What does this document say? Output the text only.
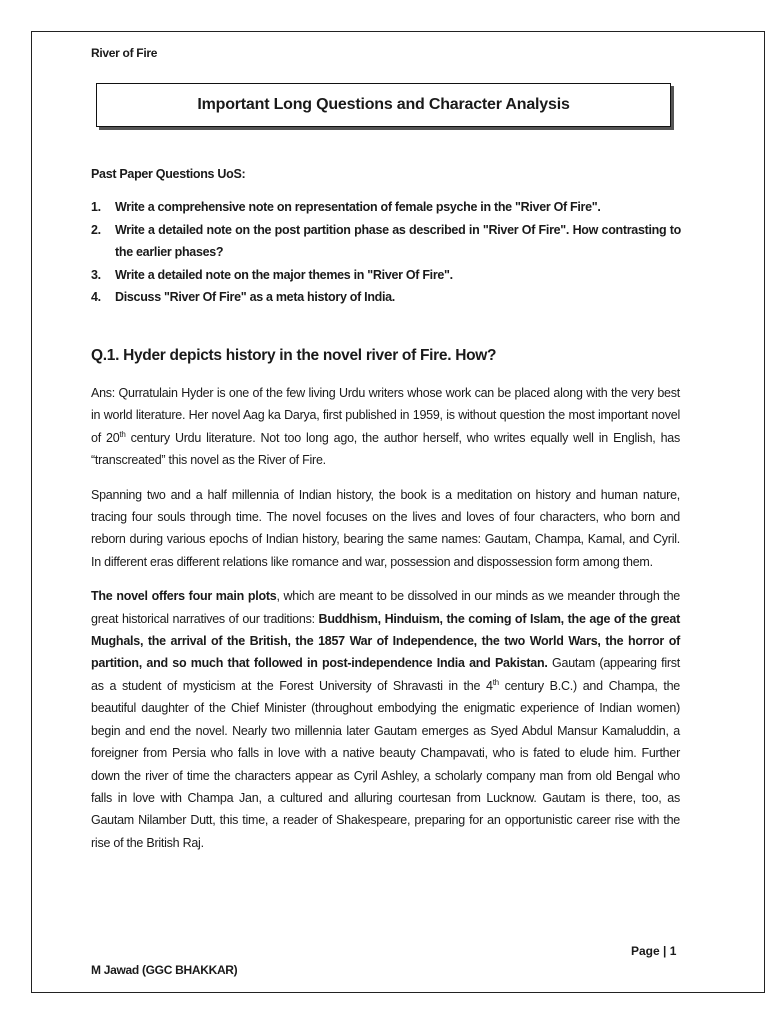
River of Fire
Important Long Questions and Character Analysis
Past Paper Questions UoS:
1. Write a comprehensive note on representation of female psyche in the "River Of Fire".
2. Write a detailed note on the post partition phase as described in "River Of Fire". How contrasting to the earlier phases?
3. Write a detailed note on the major themes in "River Of Fire".
4. Discuss "River Of Fire" as a meta history of India.
Q.1. Hyder depicts history in the novel river of Fire. How?

Ans: Qurratulain Hyder is one of the few living Urdu writers whose work can be placed along with the very best in world literature. Her novel Aag ka Darya, first published in 1959, is without question the most important novel of 20th century Urdu literature. Not too long ago, the author herself, who writes equally well in English, has “transcreated” this novel as the River of Fire.

Spanning two and a half millennia of Indian history, the book is a meditation on history and human nature, tracing four souls through time. The novel focuses on the lives and loves of four characters, who born and reborn during various epochs of Indian history, bearing the same names: Gautam, Champa, Kamal, and Cyril. In different eras different relations like romance and war, possession and dispossession form among them.

The novel offers four main plots, which are meant to be dissolved in our minds as we meander through the great historical narratives of our traditions: Buddhism, Hinduism, the coming of Islam, the age of the great Mughals, the arrival of the British, the 1857 War of Independence, the two World Wars, the horror of partition, and so much that followed in post-independence India and Pakistan. Gautam (appearing first as a student of mysticism at the Forest University of Shravasti in the 4th century B.C.) and Champa, the beautiful daughter of the Chief Minister (throughout embodying the enigmatic experience of Indian women) begin and end the novel. Nearly two millennia later Gautam emerges as Syed Abdul Mansur Kamaluddin, a foreigner from Persia who falls in love with a native beauty Champavati, who is fated to elude him. Further down the river of time the characters appear as Cyril Ashley, a scholarly company man from old Bengal who falls in love with Champa Jan, a cultured and alluring courtesan from Lucknow. Gautam is there, too, as Gautam Nilamber Dutt, this time, a reader of Shakespeare, preparing for an opportunistic career rise with the rise of the British Raj.

Page | 1
M Jawad (GGC BHAKKAR)
